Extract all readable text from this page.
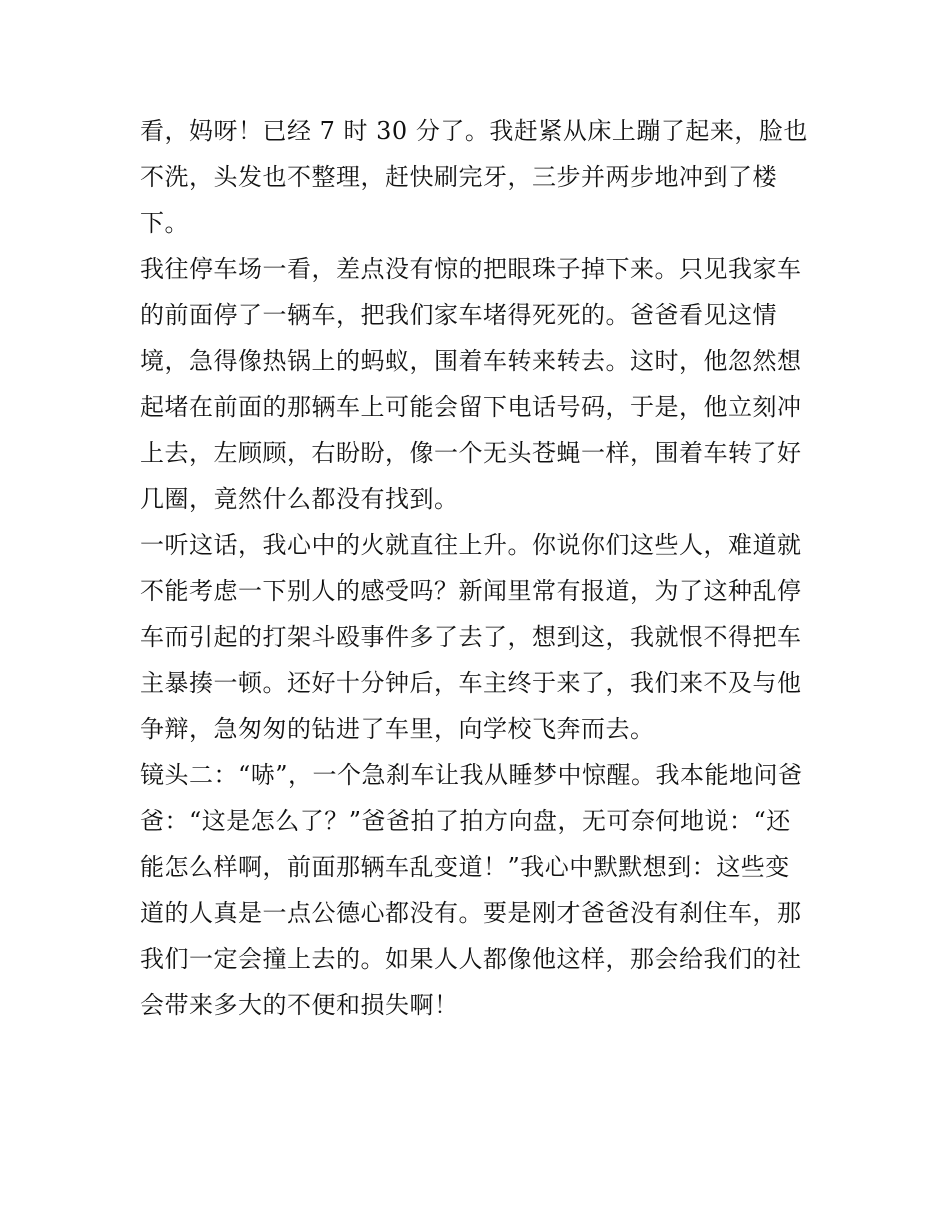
看，妈呀！已经 7 时 30 分了。我赶紧从床上蹦了起来，脸也
不洗，头发也不整理，赶快刷完牙，三步并两步地冲到了楼
下。
我往停车场一看，差点没有惊的把眼珠子掉下来。只见我家车
的前面停了一辆车，把我们家车堵得死死的。爸爸看见这情
境，急得像热锅上的蚂蚁，围着车转来转去。这时，他忽然想
起堵在前面的那辆车上可能会留下电话号码，于是，他立刻冲
上去，左顾顾，右盼盼，像一个无头苍蝇一样，围着车转了好
几圈，竟然什么都没有找到。
一听这话，我心中的火就直往上升。你说你们这些人，难道就
不能考虑一下别人的感受吗？新闻里常有报道，为了这种乱停
车而引起的打架斗殴事件多了去了，想到这，我就恨不得把车
主暴揍一顿。还好十分钟后，车主终于来了，我们来不及与他
争辩，急匆匆的钻进了车里，向学校飞奔而去。
镜头二：“哧”，一个急刹车让我从睡梦中惊醒。我本能地问爸
爸：“这是怎么了？”爸爸拍了拍方向盘，无可奈何地说：“还
能怎么样啊，前面那辆车乱变道！”我心中默默想到：这些变
道的人真是一点公德心都没有。要是刚才爸爸没有刹住车，那
我们一定会撞上去的。如果人人都像他这样，那会给我们的社
会带来多大的不便和损失啊！
